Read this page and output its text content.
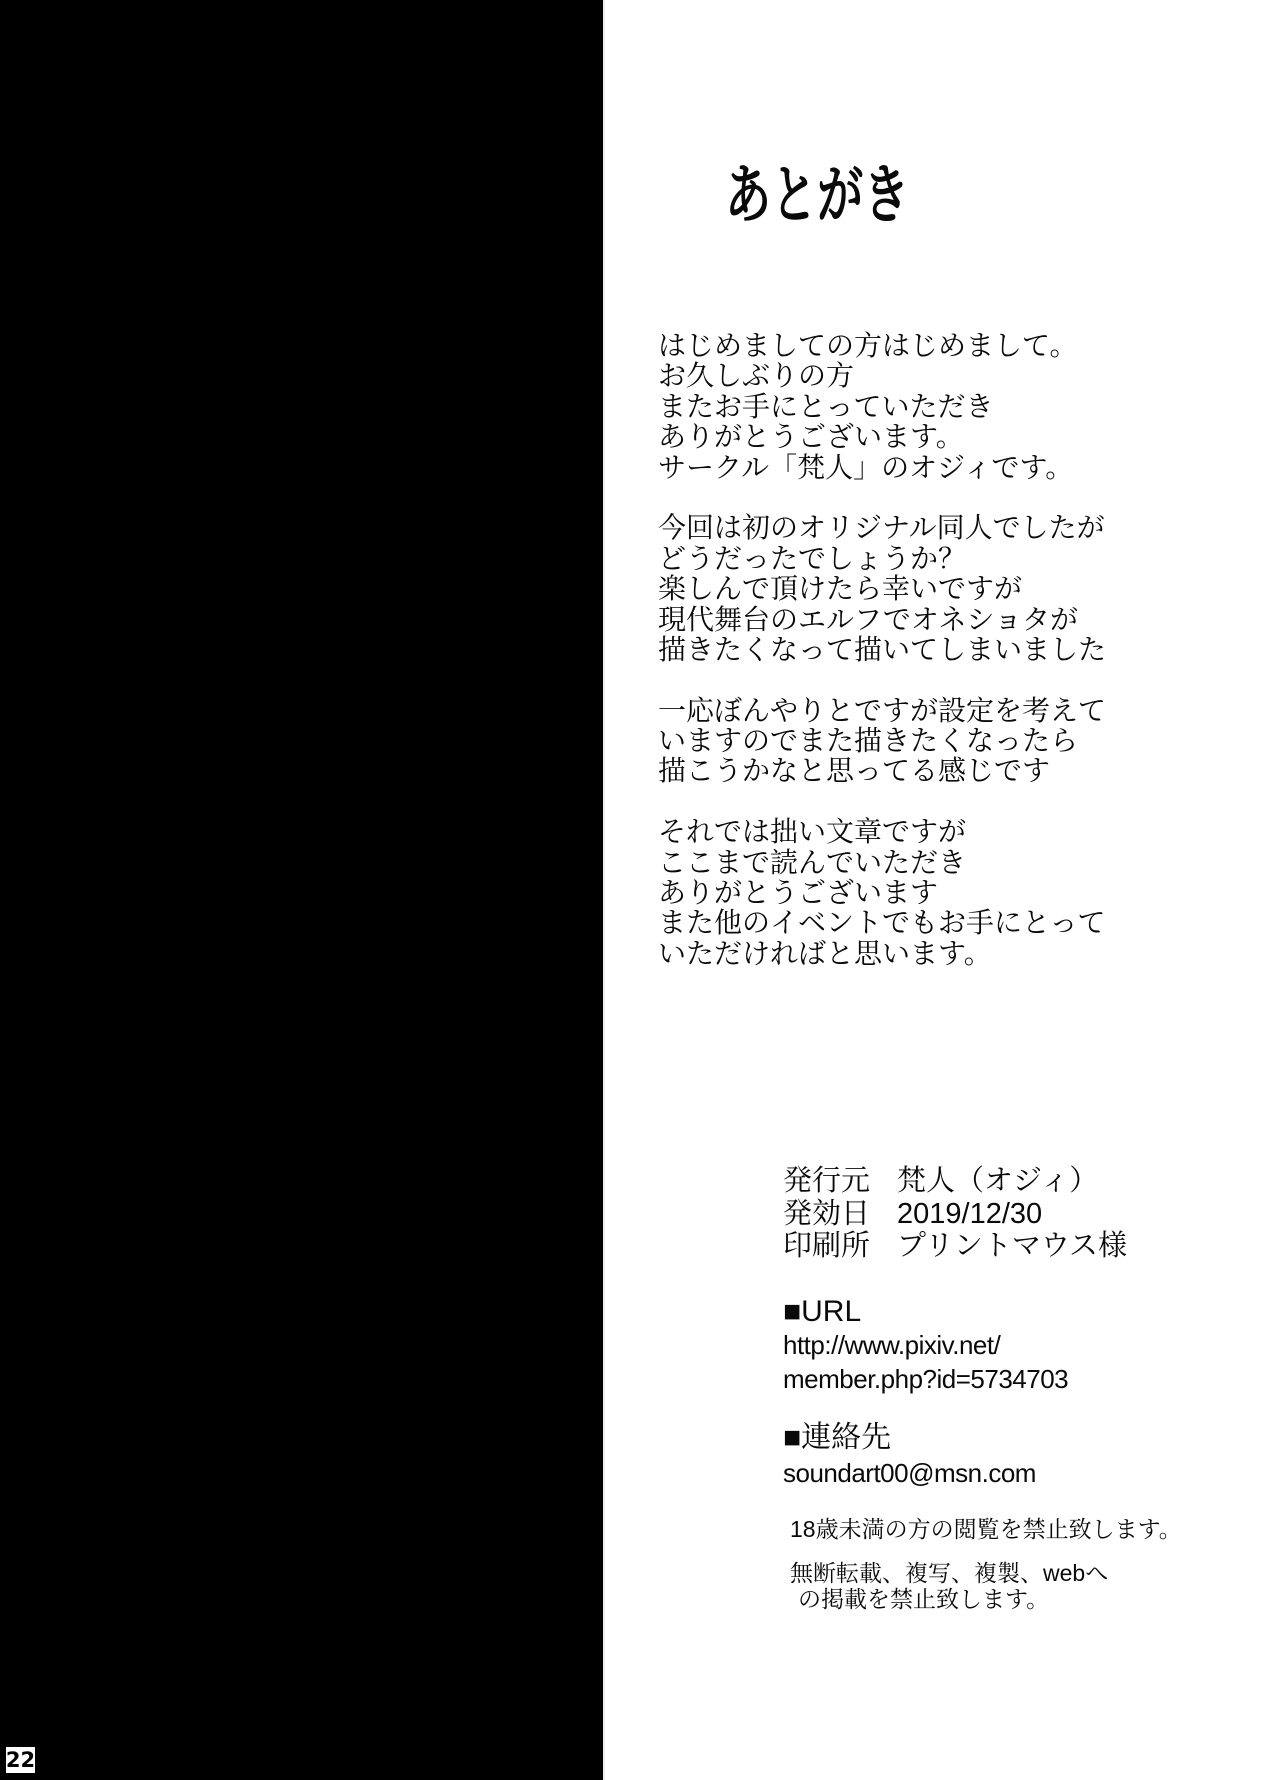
22
あとがき
はじめましての方はじめまして。
お久しぶりの方
またお手にとっていただき
ありがとうございます。
サークル「梵人」のオジィです。
今回は初のオリジナル同人でしたが
どうだったでしょうか？
楽しんで頂けたら幸いですが
現代舞台のエルフでオネショタが
描きたくなって描いてしまいました
一応ぼんやりとですが設定を考えて
いますのでまた描きたくなったら
描こうかなと思ってる感じです
それでは拙い文章ですが
ここまで読んでいただき
ありがとうございます
また他のイベントでもお手にとって
いただければと思います。
発行元 梵人（オジィ）
発効日 2019/12/30
印刷所 プリントマウス様
■URL
http://www.pixiv.net/
member.php?id=5734703
■連絡先
soundart00@msn.com
18歳未満の方の閲覧を禁止致します。
無断転載、複写、複製、webへ
の掲載を禁止致します。
